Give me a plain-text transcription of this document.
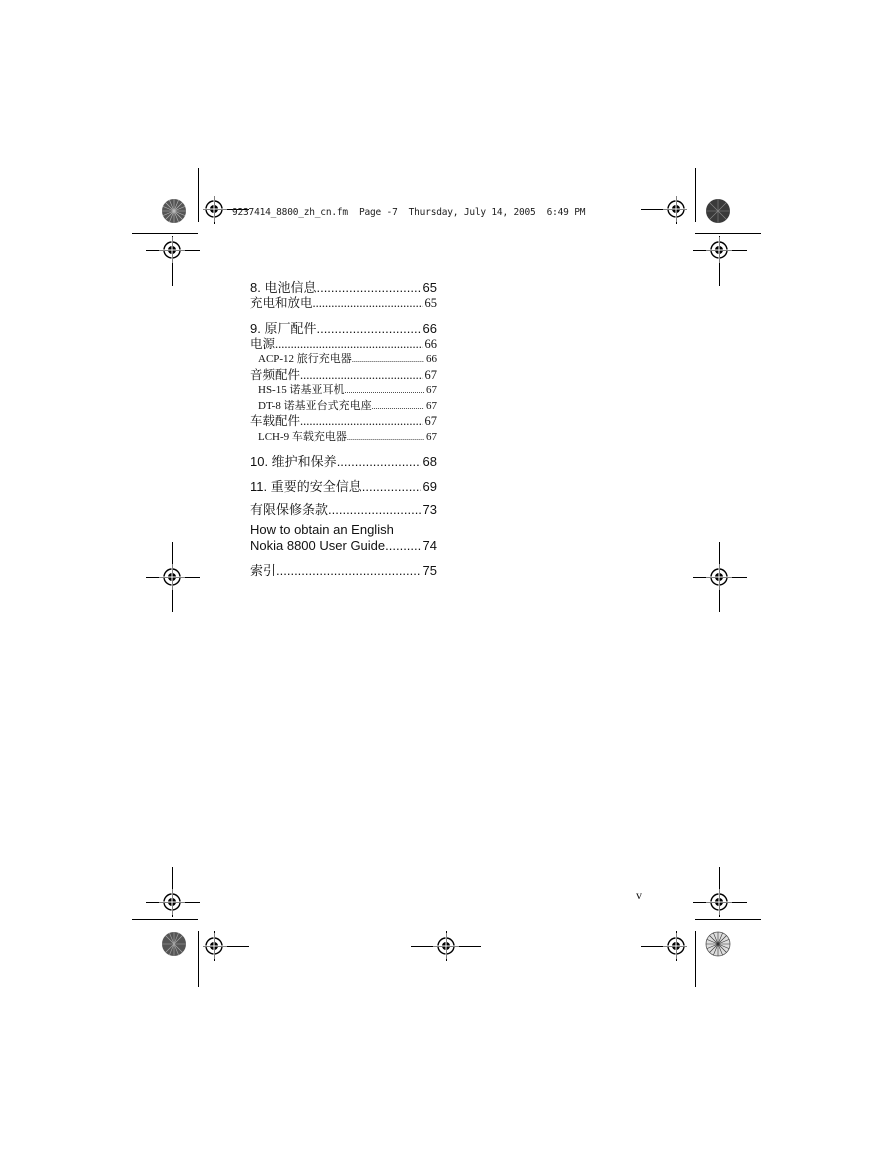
9237414_8800_zh_cn.fm  Page -7  Thursday, July 14, 2005  6:49 PM
8. 电池信息 .....	65
充电和放电 .....	65
9. 原厂配件 .....	66
电源 .....	66
ACP-12 旅行充电器 .....	66
音频配件 .....	67
HS-15 诺基亚耳机 .....	67
DT-8 诺基亚台式充电座 .....	67
车载配件 .....	67
LCH-9 车载充电器 .....	67
10. 维护和保养 .....	68
11. 重要的安全信息 .....	69
有限保修条款 .....	73
How to obtain an English
Nokia 8800 User Guide .....	74
索引 .....	75
v
